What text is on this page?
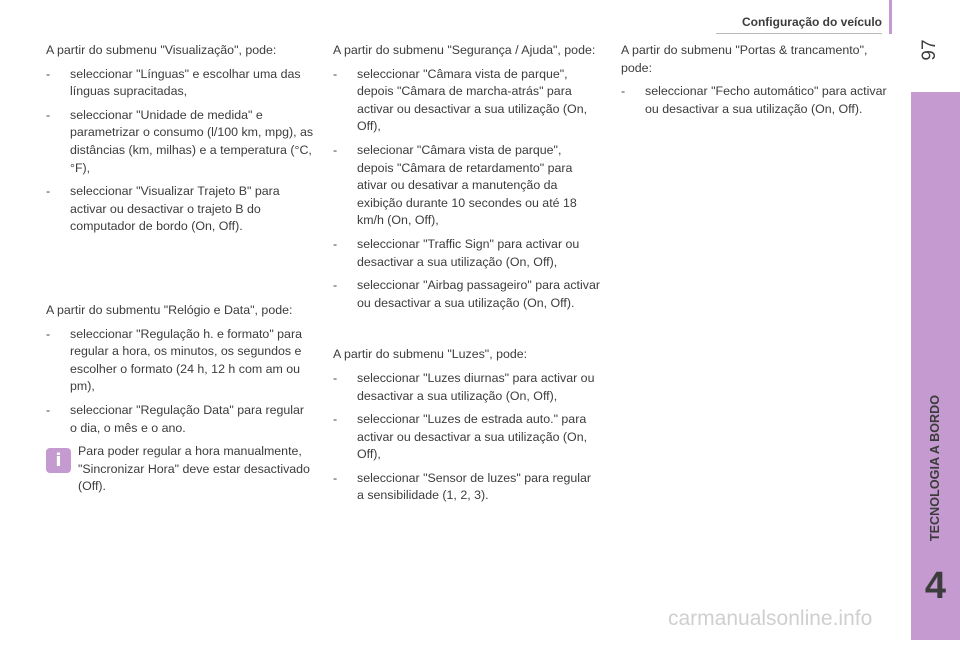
Configuração do veículo
97
TECNOLOGIA A BORDO
4

A partir do submenu "Visualização", pode:

- seleccionar "Línguas" e escolhar uma das línguas supracitadas,
- seleccionar "Unidade de medida" e parametrizar o consumo (l/100 km, mpg), as distâncias (km, milhas) e a temperatura (°C, °F),
- seleccionar "Visualizar Trajeto B" para activar ou desactivar o trajeto B do computador de bordo (On, Off).

A partir do submentu "Relógio e Data", pode:

- seleccionar "Regulação h. e formato" para regular a hora, os minutos, os segundos e escolher o formato (24 h, 12 h com am ou pm),
- seleccionar "Regulação Data" para regular o dia, o mês e o ano.
i	Para poder regular a hora manualmente, "Sincronizar Hora" deve estar desactivado (Off).

A partir do submenu "Segurança / Ajuda", pode:

- seleccionar "Câmara vista de parque", depois "Câmara de marcha-atrás" para activar ou desactivar a sua utilização (On, Off),
- selecionar "Câmara vista de parque", depois "Câmara de retardamento" para ativar ou desativar a manutenção da exibição durante 10 secondes ou até 18 km/h (On, Off),
- seleccionar "Traffic Sign" para activar ou desactivar a sua utilização (On, Off),
- seleccionar "Airbag passageiro" para activar ou desactivar a sua utilização (On, Off).

A partir do submenu "Luzes", pode:

- seleccionar "Luzes diurnas" para activar ou desactivar a sua utilização (On, Off),
- seleccionar "Luzes de estrada auto." para activar ou desactivar a sua utilização (On, Off),
- seleccionar "Sensor de luzes" para regular a sensibilidade (1, 2, 3).

A partir do submenu "Portas & trancamento", pode:

- seleccionar "Fecho automático" para activar ou desactivar a sua utilização (On, Off).
carmanualsonline.info
